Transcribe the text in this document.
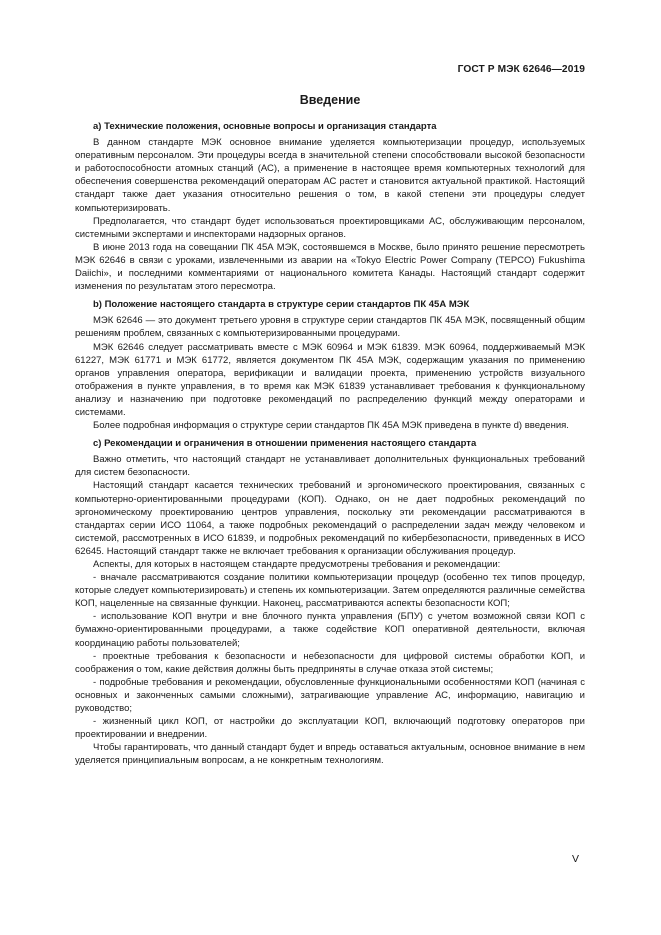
ГОСТ Р МЭК 62646—2019
Введение
а) Технические положения, основные вопросы и организация стандарта

В данном стандарте МЭК основное внимание уделяется компьютеризации процедур, используемых оперативным персоналом. Эти процедуры всегда в значительной степени способствовали высокой безопасности и работоспособности атомных станций (АС), а применение в настоящее время компьютерных технологий для обеспечения совершенства рекомендаций операторам АС растет и становится актуальной практикой. Настоящий стандарт также дает указания относительно решения о том, в какой степени эти процедуры следует компьютеризировать.

Предполагается, что стандарт будет использоваться проектировщиками АС, обслуживающим персоналом, системными экспертами и инспекторами надзорных органов.

В июне 2013 года на совещании ПК 45А МЭК, состоявшемся в Москве, было принято решение пересмотреть МЭК 62646 в связи с уроками, извлеченными из аварии на «Tokyo Electric Power Company (TEPCO) Fukushima Daiichi», и последними комментариями от национального комитета Канады. Настоящий стандарт содержит изменения по результатам этого пересмотра.

b) Положение настоящего стандарта в структуре серии стандартов ПК 45А МЭК

МЭК 62646 — это документ третьего уровня в структуре серии стандартов ПК 45А МЭК, посвященный общим решениям проблем, связанных с компьютеризированными процедурами.

МЭК 62646 следует рассматривать вместе с МЭК 60964 и МЭК 61839. МЭК 60964, поддерживаемый МЭК 61227, МЭК 61771 и МЭК 61772, является документом ПК 45А МЭК, содержащим указания по применению органов управления оператора, верификации и валидации проекта, применению устройств визуального отображения в пункте управления, в то время как МЭК 61839 устанавливает требования к функциональному анализу и назначению при подготовке рекомендаций по распределению функций между операторами и системами.

Более подробная информация о структуре серии стандартов ПК 45А МЭК приведена в пункте d) введения.

с) Рекомендации и ограничения в отношении применения настоящего стандарта

Важно отметить, что настоящий стандарт не устанавливает дополнительных функциональных требований для систем безопасности.

Настоящий стандарт касается технических требований и эргономического проектирования, связанных с компьютерно-ориентированными процедурами (КОП). Однако, он не дает подробных рекомендаций по эргономическому проектированию центров управления, поскольку эти рекомендации рассматриваются в стандартах серии ИСО 11064, а также подробных рекомендаций о распределении задач между человеком и системой, рассмотренных в ИСО 61839, и подробных рекомендаций по кибербезопасности, приведенных в ИСО 62645. Настоящий стандарт также не включает требования к организации обслуживания процедур.

Аспекты, для которых в настоящем стандарте предусмотрены требования и рекомендации:

- вначале рассматриваются создание политики компьютеризации процедур (особенно тех типов процедур, которые следует компьютеризировать) и степень их компьютеризации. Затем определяются различные семейства КОП, нацеленные на связанные функции. Наконец, рассматриваются аспекты безопасности КОП;

- использование КОП внутри и вне блочного пункта управления (БПУ) с учетом возможной связи КОП с бумажно-ориентированными процедурами, а также содействие КОП оперативной деятельности, включая координацию работы пользователей;

- проектные требования к безопасности и небезопасности для цифровой системы обработки КОП, и соображения о том, какие действия должны быть предприняты в случае отказа этой системы;

- подробные требования и рекомендации, обусловленные функциональными особенностями КОП (начиная с основных и законченных самыми сложными), затрагивающие управление АС, информацию, навигацию и руководство;

- жизненный цикл КОП, от настройки до эксплуатации КОП, включающий подготовку операторов при проектировании и внедрении.

Чтобы гарантировать, что данный стандарт будет и впредь оставаться актуальным, основное внимание в нем уделяется принципиальным вопросам, а не конкретным технологиям.

V
